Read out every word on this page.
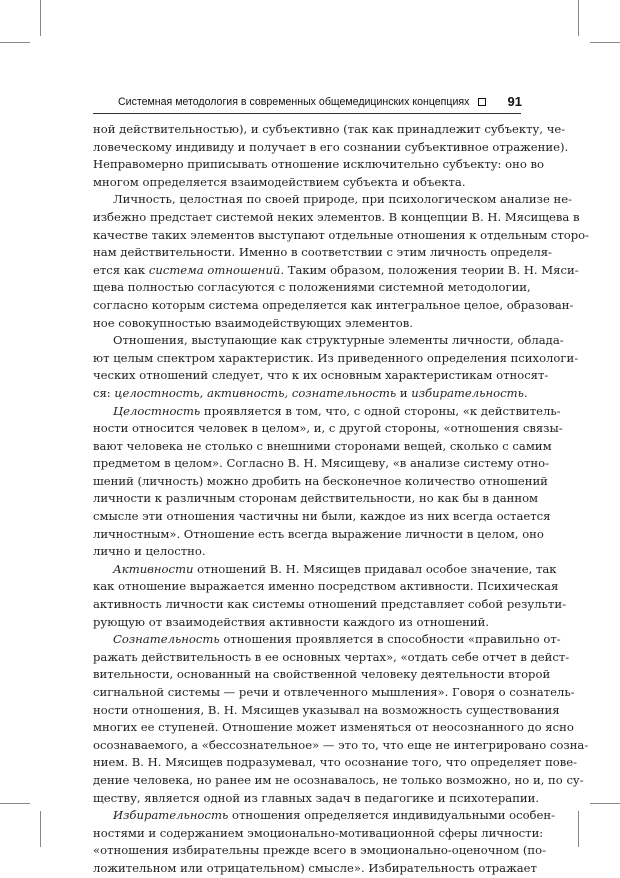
Системная методология в современных общемедицинских концепциях	91
ной действительностью), и субъективно (так как принадлежит субъекту, че-
ловеческому индивиду и получает в его сознании субъективное отражение).
Неправомерно приписывать отношение исключительно субъекту: оно во
многом определяется взаимодействием субъекта и объекта.
Личность, целостная по своей природе, при психологическом анализе не-
избежно предстает системой неких элементов. В концепции В. Н. Мясищева в
качестве таких элементов выступают отдельные отношения к отдельным сторо-
нам действительности. Именно в соответствии с этим личность определя-
ется как система отношений. Таким образом, положения теории В. Н. Мяси-
щева полностью согласуются с положениями системной методологии,
согласно которым система определяется как интегральное целое, образован-
ное совокупностью взаимодействующих элементов.
Отношения, выступающие как структурные элементы личности, облада-
ют целым спектром характеристик. Из приведенного определения психологи-
ческих отношений следует, что к их основным характеристикам относят-
ся: целостность, активность, сознательность и избирательность.
Целостность проявляется в том, что, с одной стороны, «к действитель-
ности относится человек в целом», и, с другой стороны, «отношения связы-
вают человека не столько с внешними сторонами вещей, сколько с самим
предметом в целом». Согласно В. Н. Мясищеву, «в анализе систему отно-
шений (личность) можно дробить на бесконечное количество отношений
личности к различным сторонам действительности, но как бы в данном
смысле эти отношения частичны ни были, каждое из них всегда остается
личностным». Отношение есть всегда выражение личности в целом, оно
лично и целостно.
Активности отношений В. Н. Мясищев придавал особое значение, так
как отношение выражается именно посредством активности. Психическая
активность личности как системы отношений представляет собой результи-
рующую от взаимодействия активности каждого из отношений.
Сознательность отношения проявляется в способности «правильно от-
ражать действительность в ее основных чертах», «отдать себе отчет в дейст-
вительности, основанный на свойственной человеку деятельности второй
сигнальной системы — речи и отвлеченного мышления». Говоря о сознатель-
ности отношения, В. Н. Мясищев указывал на возможность существования
многих ее ступеней. Отношение может изменяться от неосознанного до ясно
осознаваемого, а «бессознательное» — это то, что еще не интегрировано созна-
нием. В. Н. Мясищев подразумевал, что осознание того, что определяет пове-
дение человека, но ранее им не осознавалось, не только возможно, но и, по су-
ществу, является одной из главных задач в педагогике и психотерапии.
Избирательность отношения определяется индивидуальными особен-
ностями и содержанием эмоционально-мотивационной сферы личности:
«отношения избирательны прежде всего в эмоционально-оценочном (по-
ложительном или отрицательном) смысле». Избирательность отражает
